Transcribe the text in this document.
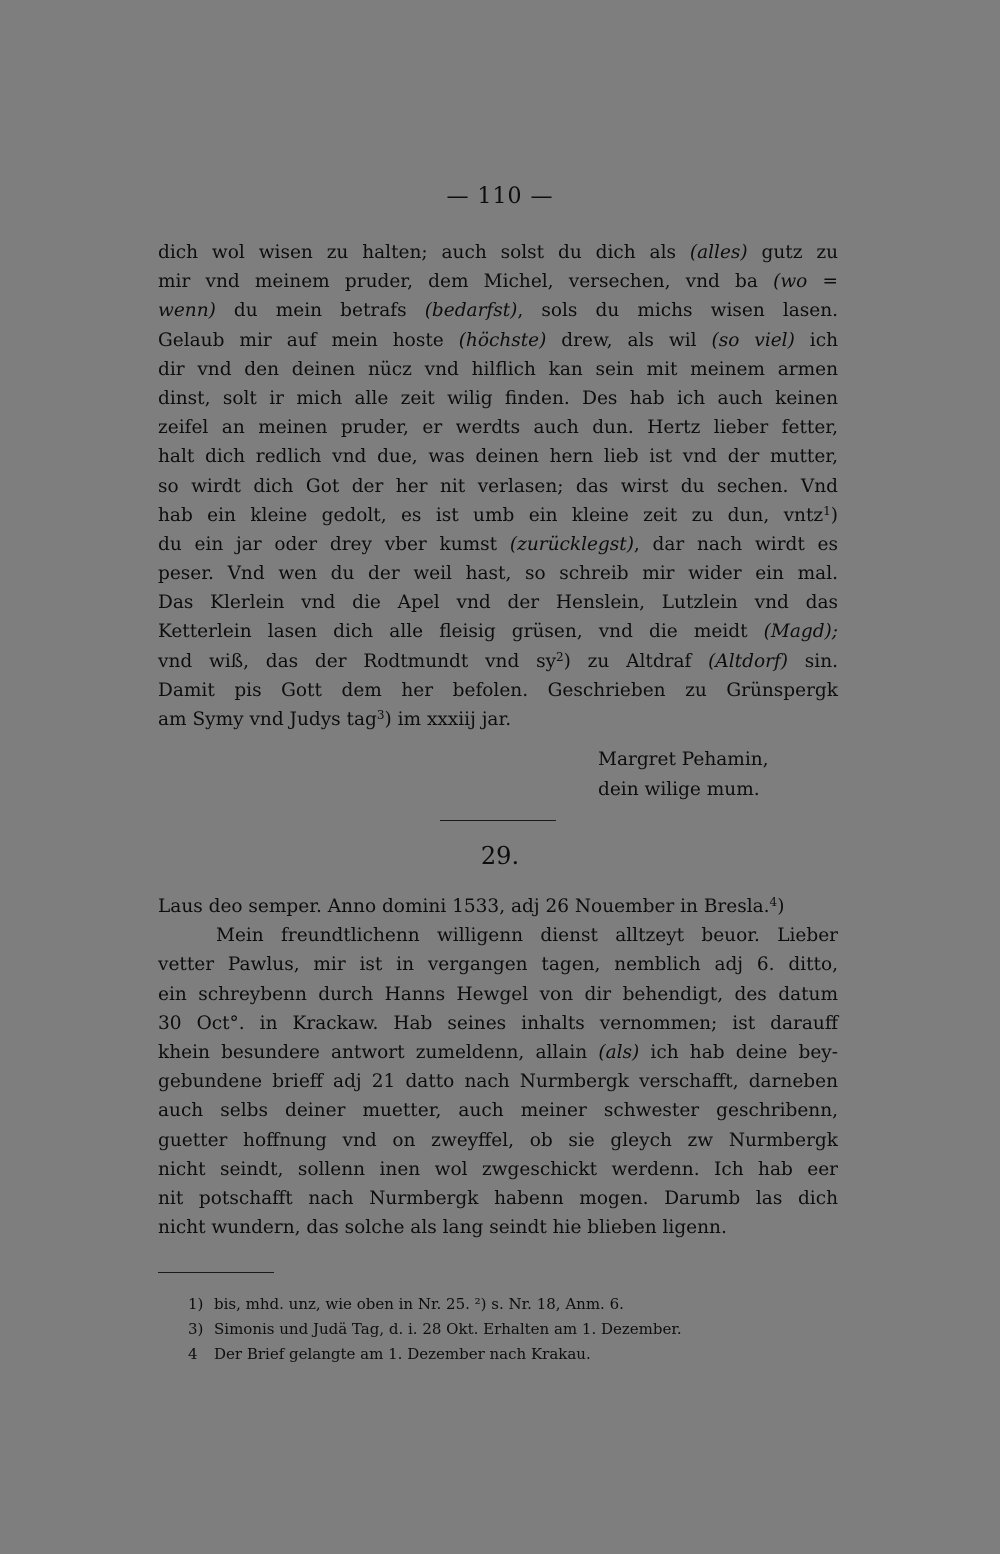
— 110 —
dich wol wisen zu halten; auch solst du dich als (alles) gutz zu
mir vnd meinem pruder, dem Michel, versechen, vnd ba (wo =
wenn) du mein betrafs (bedarfst), sols du michs wisen lasen.
Gelaub mir auf mein hoste (höchste) drew, als wil (so viel) ich
dir vnd den deinen nücz vnd hilflich kan sein mit meinem armen
dinst, solt ir mich alle zeit wilig finden. Des hab ich auch keinen
zeifel an meinen pruder, er werdts auch dun. Hertz lieber fetter,
halt dich redlich vnd due, was deinen hern lieb ist vnd der mutter,
so wirdt dich Got der her nit verlasen; das wirst du sechen. Vnd
hab ein kleine gedolt, es ist umb ein kleine zeit zu dun, vntz$^1$)
du ein jar oder drey vber kumst (zurücklegst), dar nach wirdt es
peser. Vnd wen du der weil hast, so schreib mir wider ein mal.
Das Klerlein vnd die Apel vnd der Henslein, Lutzlein vnd das
Ketterlein lasen dich alle fleisig grüsen, vnd die meidt (Magd);
vnd wiß, das der Rodtmundt vnd $sy^2$) zu Altdraf (Altdorf) sin.
Damit pis Gott dem her befolen. Geschrieben zu Grünspergk
am Symy vnd Judys tag$^3$) im xxxiij jar.
Margret Pehamin,
dein wilige mum.
29.
Laus deo semper. Anno domini 1533, adj 26 Nouember in Bresla.$^4$)
Mein freundtlichenn willigenn dienst alltzeyt beuor. Lieber
vetter Pawlus, mir ist in vergangen tagen, nemblich adj 6. ditto,
ein schreybenn durch Hanns Hewgel von dir behendigt, des datum
30 Oct°. in Krackaw. Hab seines inhalts vernommen; ist darauff
khein besundere antwort zumeldenn, allain (als) ich hab deine bey-
gebundene brieff adj 21 datto nach Nurmbergk verschafft, darneben
auch selbs deiner muetter, auch meiner schwester geschribenn,
guetter hoffnung vnd on zweyffel, ob sie gleych zw Nurmbergk
nicht seindt, sollenn inen wol zwgeschickt werdenn. Ich hab eer
nit potschafft nach Nurmbergk habenn mogen. Darumb las dich
nicht wundern, das solche als lang seindt hie blieben ligenn.
1) bis, mhd. unz, wie oben in Nr. 25. ²) s. Nr. 18, Anm. 6.
3) Simonis und Judä Tag, d. i. 28 Okt. Erhalten am 1. Dezember.
4 Der Brief gelangte am 1. Dezember nach Krakau.
